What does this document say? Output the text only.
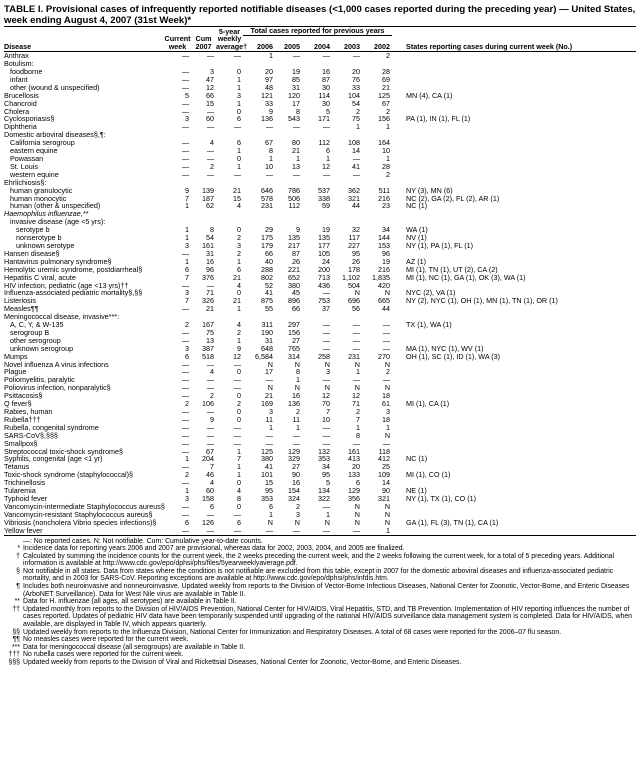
TABLE I. Provisional cases of infrequently reported notifiable diseases (<1,000 cases reported during the preceding year) — United States, week ending August 4, 2007 (31st Week)*
			5-year weekly average†	Total cases reported for previous years					
Disease	Current week	Cum 2007		2006	2005	2004	2003	2002	States reporting cases during current week (No.)
Anthrax	—	—	—	1	—	—	—	2	
Botulism:									
foodborne	—	3	0	20	19	16	20	28	
infant	—	47	1	97	85	87	76	69	
other (wound & unspecified)	—	12	1	48	31	30	33	21	
Brucellosis	5	66	3	121	120	114	104	125	MN (4), CA (1)
Chancroid	—	15	1	33	17	30	54	67	
Cholera	—	—	0	9	8	5	2	2	
Cyclosporiasis§	3	60	6	136	543	171	75	156	PA (1), IN (1), FL (1)
Diphtheria	—	—	—	—	—	—	1	1	
Domestic arboviral diseases§,¶:									
California serogroup	—	4	6	67	80	112	108	164	
eastern equine	—	—	1	8	21	6	14	10	
Powassan	—	—	0	1	1	1	—	1	
St. Louis	—	2	1	10	13	12	41	28	
western equine	—	—	—	—	—	—	—	2	
Ehrlichiosis§:									
human granulocytic	9	139	21	646	786	537	362	511	NY (3), MN (6)
human monocytic	7	187	15	578	506	338	321	216	NC (2), GA (2), FL (2), AR (1)
human (other & unspecified)	1	62	4	231	112	59	44	23	NC (1)
Haemophilus influenzae,**									
invasive disease (age <5 yrs):									
serotype b	1	8	0	29	9	19	32	34	WA (1)
nonserotype b	1	54	2	175	135	135	117	144	NV (1)
unknown serotype	3	161	3	179	217	177	227	153	NY (1), PA (1), FL (1)
Hansen disease§	—	31	2	66	87	105	95	96	
Hantavirus pulmonary syndrome§	1	16	1	40	26	24	26	19	AZ (1)
Hemolytic uremic syndrome, postdiarrheal§	6	96	6	288	221	200	178	216	MI (1), TN (1), UT (2), CA (2)
Hepatitis C viral, acute	7	376	21	802	652	713	1,102	1,835	MI (1), NC (1), GA (1), OK (3), WA (1)
HIV infection, pediatric (age <13 yrs)††	—	—	4	52	380	436	504	420	
Influenza-associated pediatric mortality§,§§	3	71	0	41	45	—	N	N	NYC (2), VA (1)
Listeriosis	7	326	21	875	896	753	696	665	NY (2), NYC (1), OH (1), MN (1), TN (1), OR (1)
Measles¶¶	—	21	1	55	66	37	56	44	
Meningococcal disease, invasive***:									
A, C, Y, & W-135	2	167	4	311	297	—	—	—	TX (1), WA (1)
serogroup B	—	75	2	190	156	—	—	—	
other serogroup	—	13	1	31	27	—	—	—	
unknown serogroup	3	387	9	648	765	—	—	—	MA (1), NYC (1), WV (1)
Mumps	6	518	12	6,584	314	258	231	270	OH (1), SC (1), ID (1), WA (3)
Novel influenza A virus infections	—	—	—	N	N	N	N	N	
Plague	—	4	0	17	8	3	1	2	
Poliomyelitis, paralytic	—	—	—	—	1	—	—	—	
Poliovirus infection, nonparalytic§	—	—	—	N	N	N	N	N	
Psittacosis§	—	2	0	21	16	12	12	18	
Q fever§	2	106	2	169	136	70	71	61	MI (1), CA (1)
Rabies, human	—	—	0	3	2	7	2	3	
Rubella†††	—	9	0	11	11	10	7	18	
Rubella, congenital syndrome	—	—	—	1	1	—	1	1	
SARS-CoV§,§§§	—	—	—	—	—	—	8	N	
Smallpox§	—	—	—	—	—	—	—	—	
Streptococcal toxic-shock syndrome§	—	67	1	125	129	132	161	118	
Syphilis, congenital (age <1 yr)	1	204	7	380	329	353	413	412	NC (1)
Tetanus	—	7	1	41	27	34	20	25	
Toxic-shock syndrome (staphylococcal)§	2	46	1	101	90	95	133	109	MI (1), CO (1)
Trichinellosis	—	4	0	15	16	5	6	14	
Tularemia	1	60	4	95	154	134	129	90	NE (1)
Typhoid fever	3	158	8	353	324	322	356	321	NY (1), TX (1), CO (1)
Vancomycin-intermediate Staphylococcus aureus§	—	6	0	6	2	—	N	N	
Vancomycin-resistant Staphylococcus aureus§	—	—	—	1	3	1	N	N	
Vibriosis (noncholera Vibrio species infections)§	6	126	6	N	N	N	N	N	GA (1), FL (3), TN (1), CA (1)
Yellow fever	—	—	—	—	—	—	—	1	
—: No reported cases. N: Not notifiable. Cum: Cumulative year-to-date counts.
* Incidence data for reporting years 2006 and 2007 are provisional, whereas data for 2002, 2003, 2004, and 2005 are finalized.
† Calculated by summing the incidence counts for the current week, the 2 weeks preceding the current week, and the 2 weeks following the current week, for a total of 5 preceding years. Additional information is available at http://www.cdc.gov/epo/dphsi/phs/files/5yearweeklyaverage.pdf.
§ Not notifiable in all states. Data from states where the condition is not notifiable are excluded from this table, except in 2007 for the domestic arboviral diseases and influenza-associated pediatric mortality, and in 2003 for SARS-CoV. Reporting exceptions are available at http://www.cdc.gov/epo/dphsi/phs/infdis.htm.
¶ Includes both neuroinvasive and nonneuroinvasive. Updated weekly from reports to the Division of Vector-Borne Infectious Diseases, National Center for Zoonotic, Vector-Borne, and Enteric Diseases (ArboNET Surveillance). Data for West Nile virus are available in Table II.
** Data for H. influenzae (all ages, all serotypes) are available in Table II.
†† Updated monthly from reports to the Division of HIV/AIDS Prevention, National Center for HIV/AIDS, Viral Hepatitis, STD, and TB Prevention. Implementation of HIV reporting influences the number of cases reported. Updates of pediatric HIV data have been temporarily suspended until upgrading of the national HIV/AIDS surveillance data management system is completed. Data for HIV/AIDS, when available, are displayed in Table IV, which appears quarterly.
§§ Updated weekly from reports to the Influenza Division, National Center for Immunization and Respiratory Diseases. A total of 68 cases were reported for the 2006–07 flu season.
¶¶ No measles cases were reported for the current week.
*** Data for meningococcal disease (all serogroups) are available in Table II.
††† No rubella cases were reported for the current week.
§§§ Updated weekly from reports to the Division of Viral and Rickettsial Diseases, National Center for Zoonotic, Vector-Borne, and Enteric Diseases.
